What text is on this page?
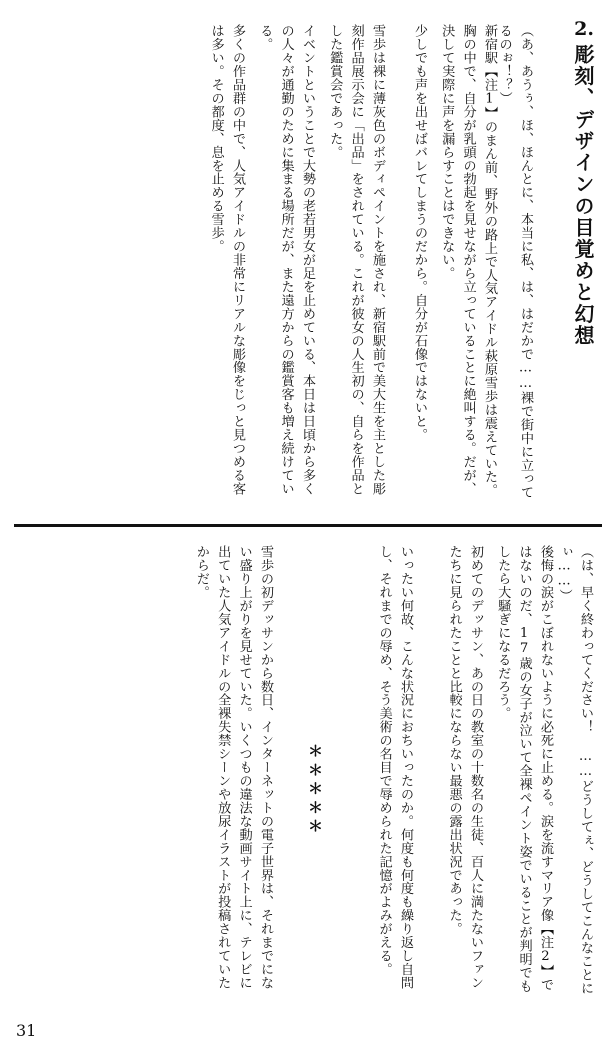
2.
彫刻、デザインの目覚めと幻想
（あ、あうぅ、ほ、ほんとに、本当に私、は、はだかで……裸で街中に立ってるのぉ！？）
新宿駅【注1】のまん前、野外の路上で人気アイドル萩原雪歩は震えていた。胸の中で、自分が乳頭の勃起を見せながら立っていることに絶叫する。だが、決して実際に声を漏らすことはできない。
少しでも声を出せばバレてしまうのだから。自分が石像ではないと。
雪歩は裸に薄灰色のボディペイントを施され、新宿駅前で美大生を主とした彫刻作品展示会に「出品」をされている。これが彼女の人生初の、自らを作品とした鑑賞会であった。
イベントということで大勢の老若男女が足を止めている、本日は日頃から多くの人々が通勤のために集まる場所だが、また遠方からの鑑賞客も増え続けている。
多くの作品群の中で、人気アイドルの非常にリアルな彫像をじっと見つめる客は多い。その都度、息を止める雪歩。
（は、早く終わってください！ ……どうしてぇ、どうしてこんなことにぃ……）
後悔の涙がこぼれないように必死に止める。涙を流すマリア像【注2】ではないのだ、17歳の女子が泣いて全裸ペイント姿でいることが判明でもしたら大騒ぎになるだろう。
初めてのデッサン、あの日の教室の十数名の生徒、百人に満たないファンたちに見られたことと比較にならない最悪の露出状況であった。
いったい何故、こんな状況におちいったのか。何度も何度も繰り返し自問し、それまでの辱め、そう美術の名目で辱められた記憶がよみがえる。
＊＊＊＊＊
雪歩の初デッサンから数日、インターネットの電子世界は、それまでにない盛り上がりを見せていた。いくつもの違法な動画サイト上に、テレビに出ていた人気アイドルの全裸失禁シーンや放尿イラストが投稿されていたからだ。
31
